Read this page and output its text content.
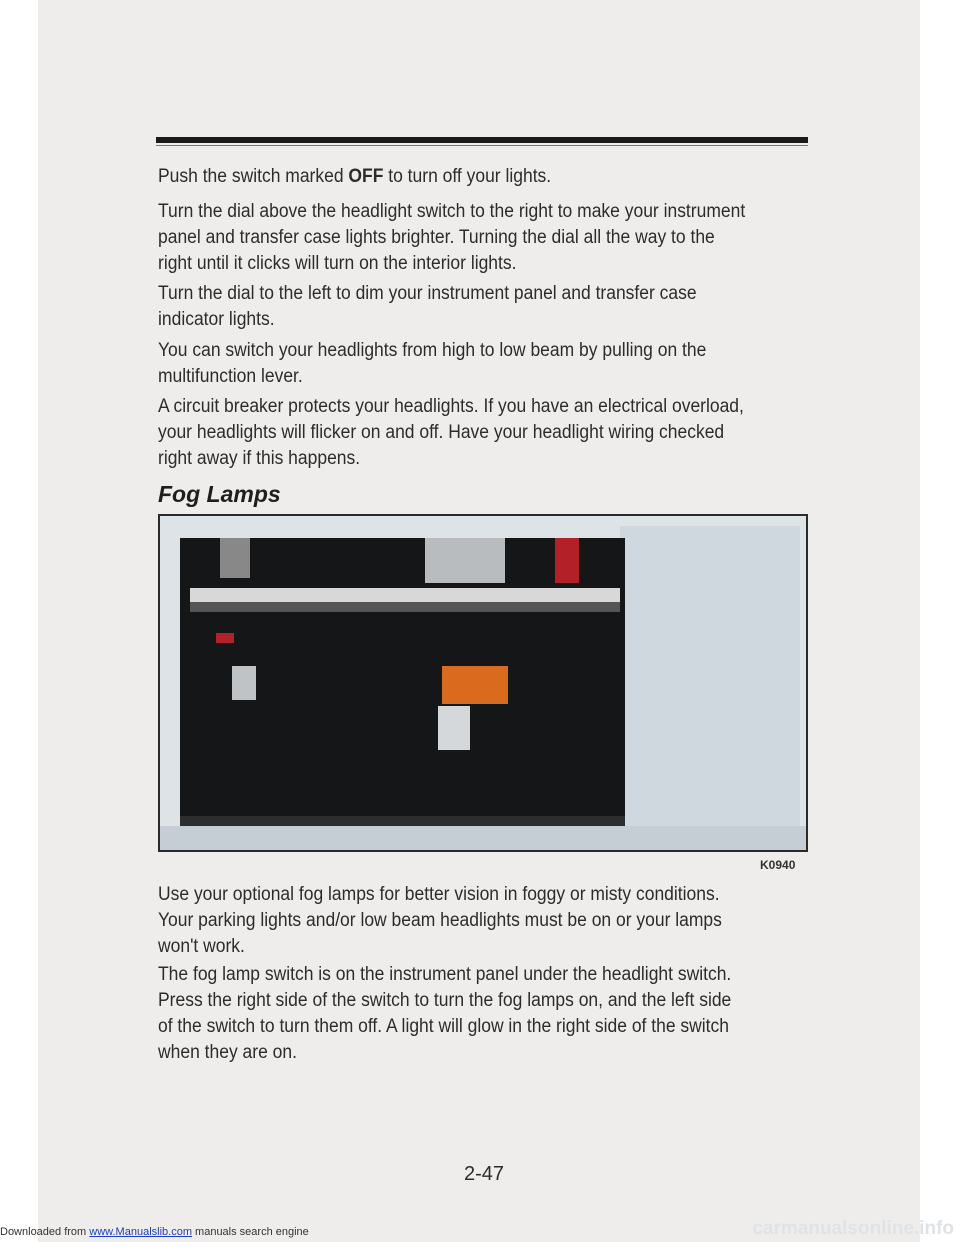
Push the switch marked OFF to turn off your lights.
Turn the dial above the headlight switch to the right to make your instrument
panel and transfer case lights brighter. Turning the dial all the way to the
right until it clicks will turn on the interior lights.
Turn the dial to the left to dim your instrument panel and transfer case
indicator lights.
You can switch your headlights from high to low beam by pulling on the
multifunction lever.
A circuit breaker protects your headlights. If you have an electrical overload,
your headlights will flicker on and off. Have your headlight wiring checked
right away if this happens.
Fog Lamps
K0940
Use your optional fog lamps for better vision in foggy or misty conditions.
Your parking lights and/or low beam headlights must be on or your lamps
won't work.
The fog lamp switch is on the instrument panel under the headlight switch.
Press the right side of the switch to turn the fog lamps on, and the left side
of the switch to turn them off. A light will glow in the right side of the switch
when they are on.
2-47
Downloaded from www.Manualslib.com manuals search engine	carmanualsonline.info
